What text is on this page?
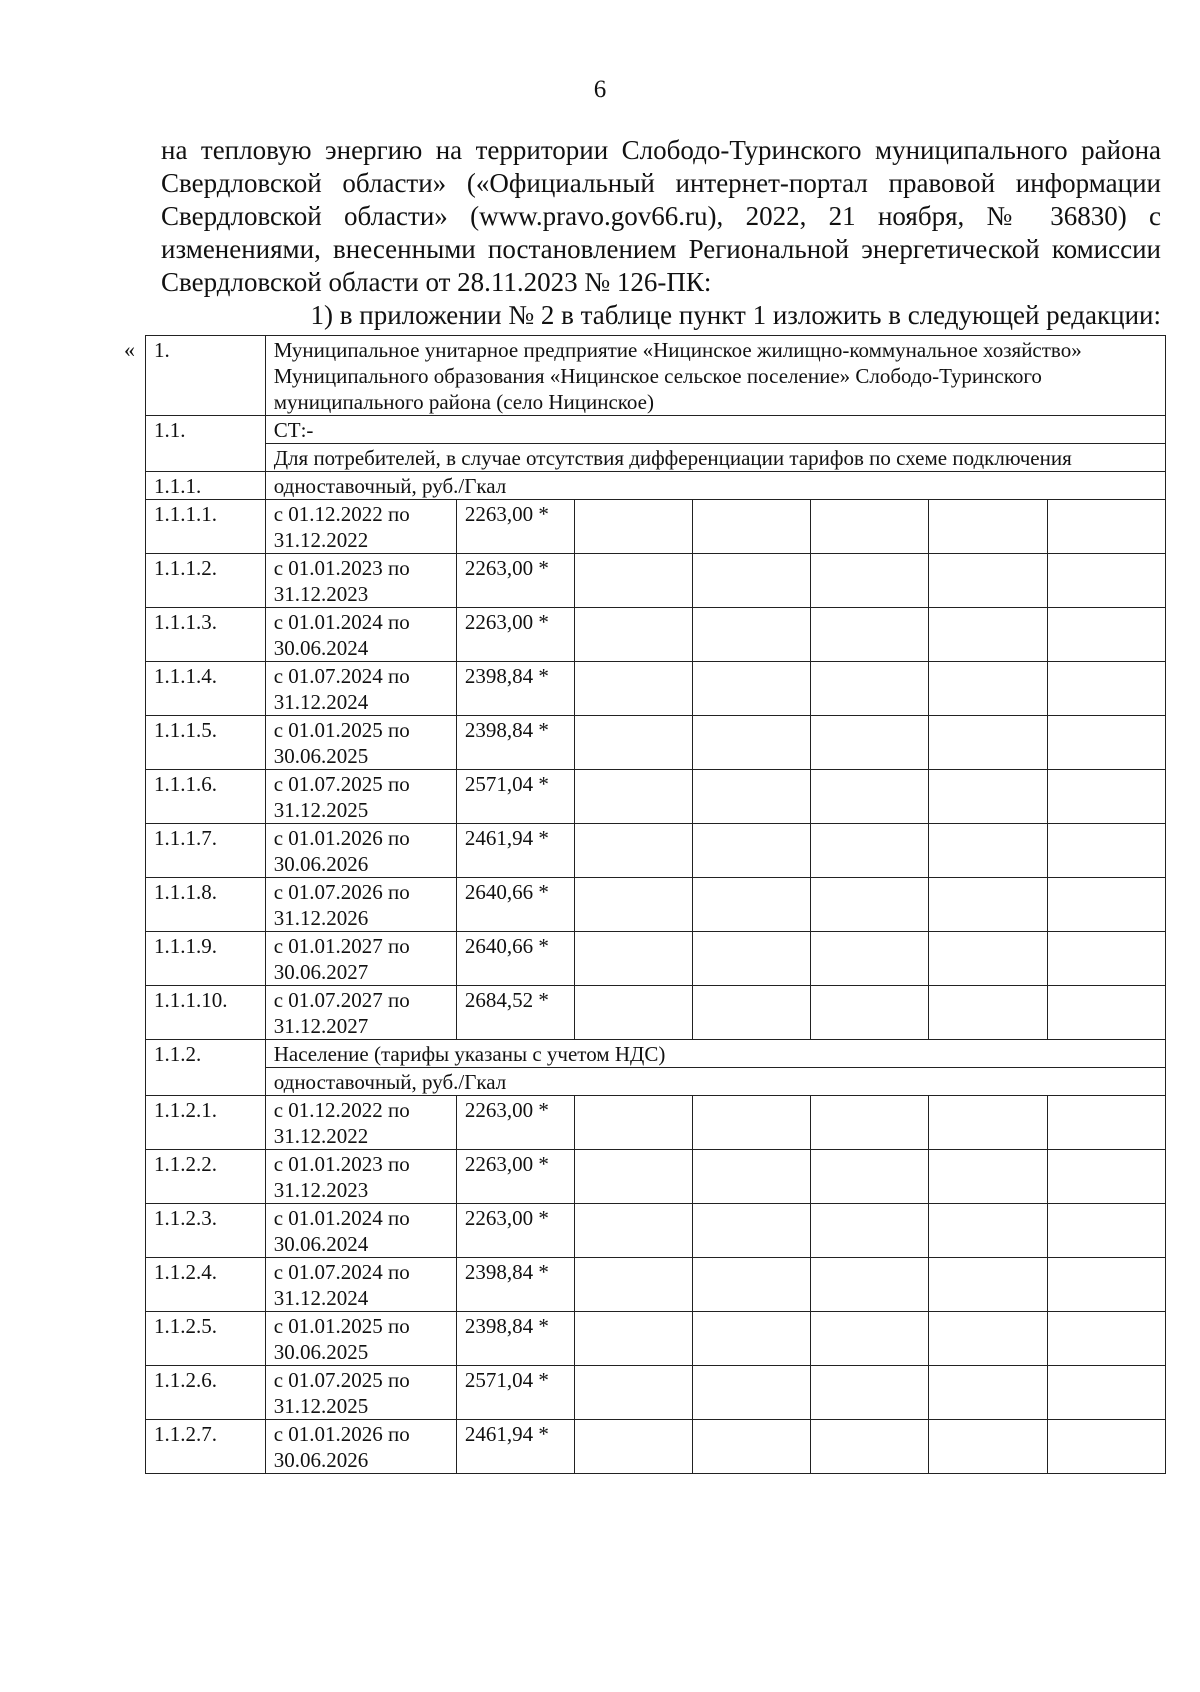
6

на тепловую энергию на территории Слободо-Туринского муниципального района Свердловской области» («Официальный интернет-портал правовой информации Свердловской области» (www.pravo.gov66.ru), 2022, 21 ноября, № 36830) с изменениями, внесенными постановлением Региональной энергетической комиссии Свердловской области от 28.11.2023 № 126-ПК:

1) в приложении № 2 в таблице пункт 1 изложить в следующей редакции:

« 1.	Муниципальное унитарное предприятие «Ницинское жилищно-коммунальное хозяйство» Муниципального образования «Ницинское сельское поселение» Слободо-Туринского муниципального района (село Ницинское)						
1.1.	СТ:-						
	Для потребителей, в случае отсутствия дифференциации тарифов по схеме подключения						
1.1.1.	одноставочный, руб./Гкал						
1.1.1.1.	с 01.12.2022 по 31.12.2022	2263,00 *					
1.1.1.2.	с 01.01.2023 по 31.12.2023	2263,00 *					
1.1.1.3.	с 01.01.2024 по 30.06.2024	2263,00 *					
1.1.1.4.	с 01.07.2024 по 31.12.2024	2398,84 *					
1.1.1.5.	с 01.01.2025 по 30.06.2025	2398,84 *					
1.1.1.6.	с 01.07.2025 по 31.12.2025	2571,04 *					
1.1.1.7.	с 01.01.2026 по 30.06.2026	2461,94 *					
1.1.1.8.	с 01.07.2026 по 31.12.2026	2640,66 *					
1.1.1.9.	с 01.01.2027 по 30.06.2027	2640,66 *					
1.1.1.10.	с 01.07.2027 по 31.12.2027	2684,52 *					
1.1.2.	Население (тарифы указаны с учетом НДС)						
	одноставочный, руб./Гкал						
1.1.2.1.	с 01.12.2022 по 31.12.2022	2263,00 *					
1.1.2.2.	с 01.01.2023 по 31.12.2023	2263,00 *					
1.1.2.3.	с 01.01.2024 по 30.06.2024	2263,00 *					
1.1.2.4.	с 01.07.2024 по 31.12.2024	2398,84 *					
1.1.2.5.	с 01.01.2025 по 30.06.2025	2398,84 *					
1.1.2.6.	с 01.07.2025 по 31.12.2025	2571,04 *					
1.1.2.7.	с 01.01.2026 по 30.06.2026	2461,94 *					
